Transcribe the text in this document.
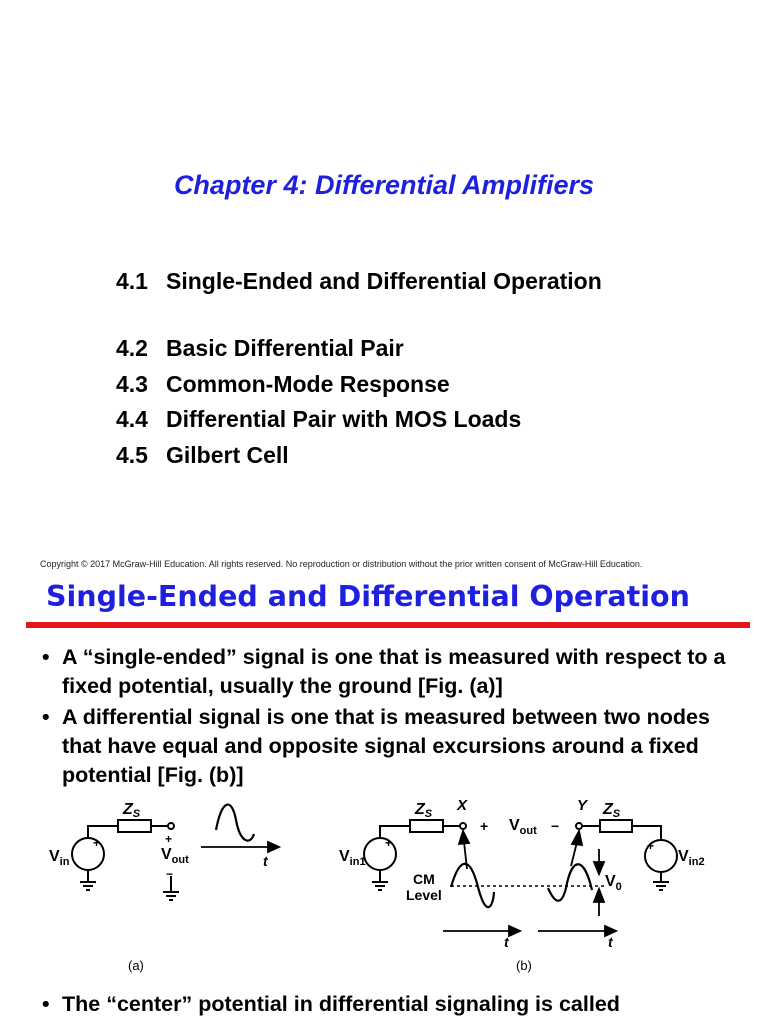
Chapter 4: Differential Amplifiers
4.1 Single-Ended and Differential Operation
4.2 Basic Differential Pair
4.3 Common-Mode Response
4.4 Differential Pair with MOS Loads
4.5 Gilbert Cell
Copyright © 2017 McGraw-Hill Education. All rights reserved. No reproduction or distribution without the prior written consent of McGraw-Hill Education.
Single-Ended and Differential Operation
• A “single-ended” signal is one that is measured with respect to a fixed potential, usually the ground [Fig. (a)]
• A differential signal is one that is measured between two nodes that have equal and opposite signal excursions around a fixed potential [Fig. (b)]
+
ZS
$V_{in}$
+
$V_{out}$
−
t
(a)
ZS X
+ $V_{out}$ −
Y ZS
+
$V_{in1}$
+
$V_{in2}$
CM
Level
$V_0$
t	t
(b)
• The “center” potential in differential signaling is called
